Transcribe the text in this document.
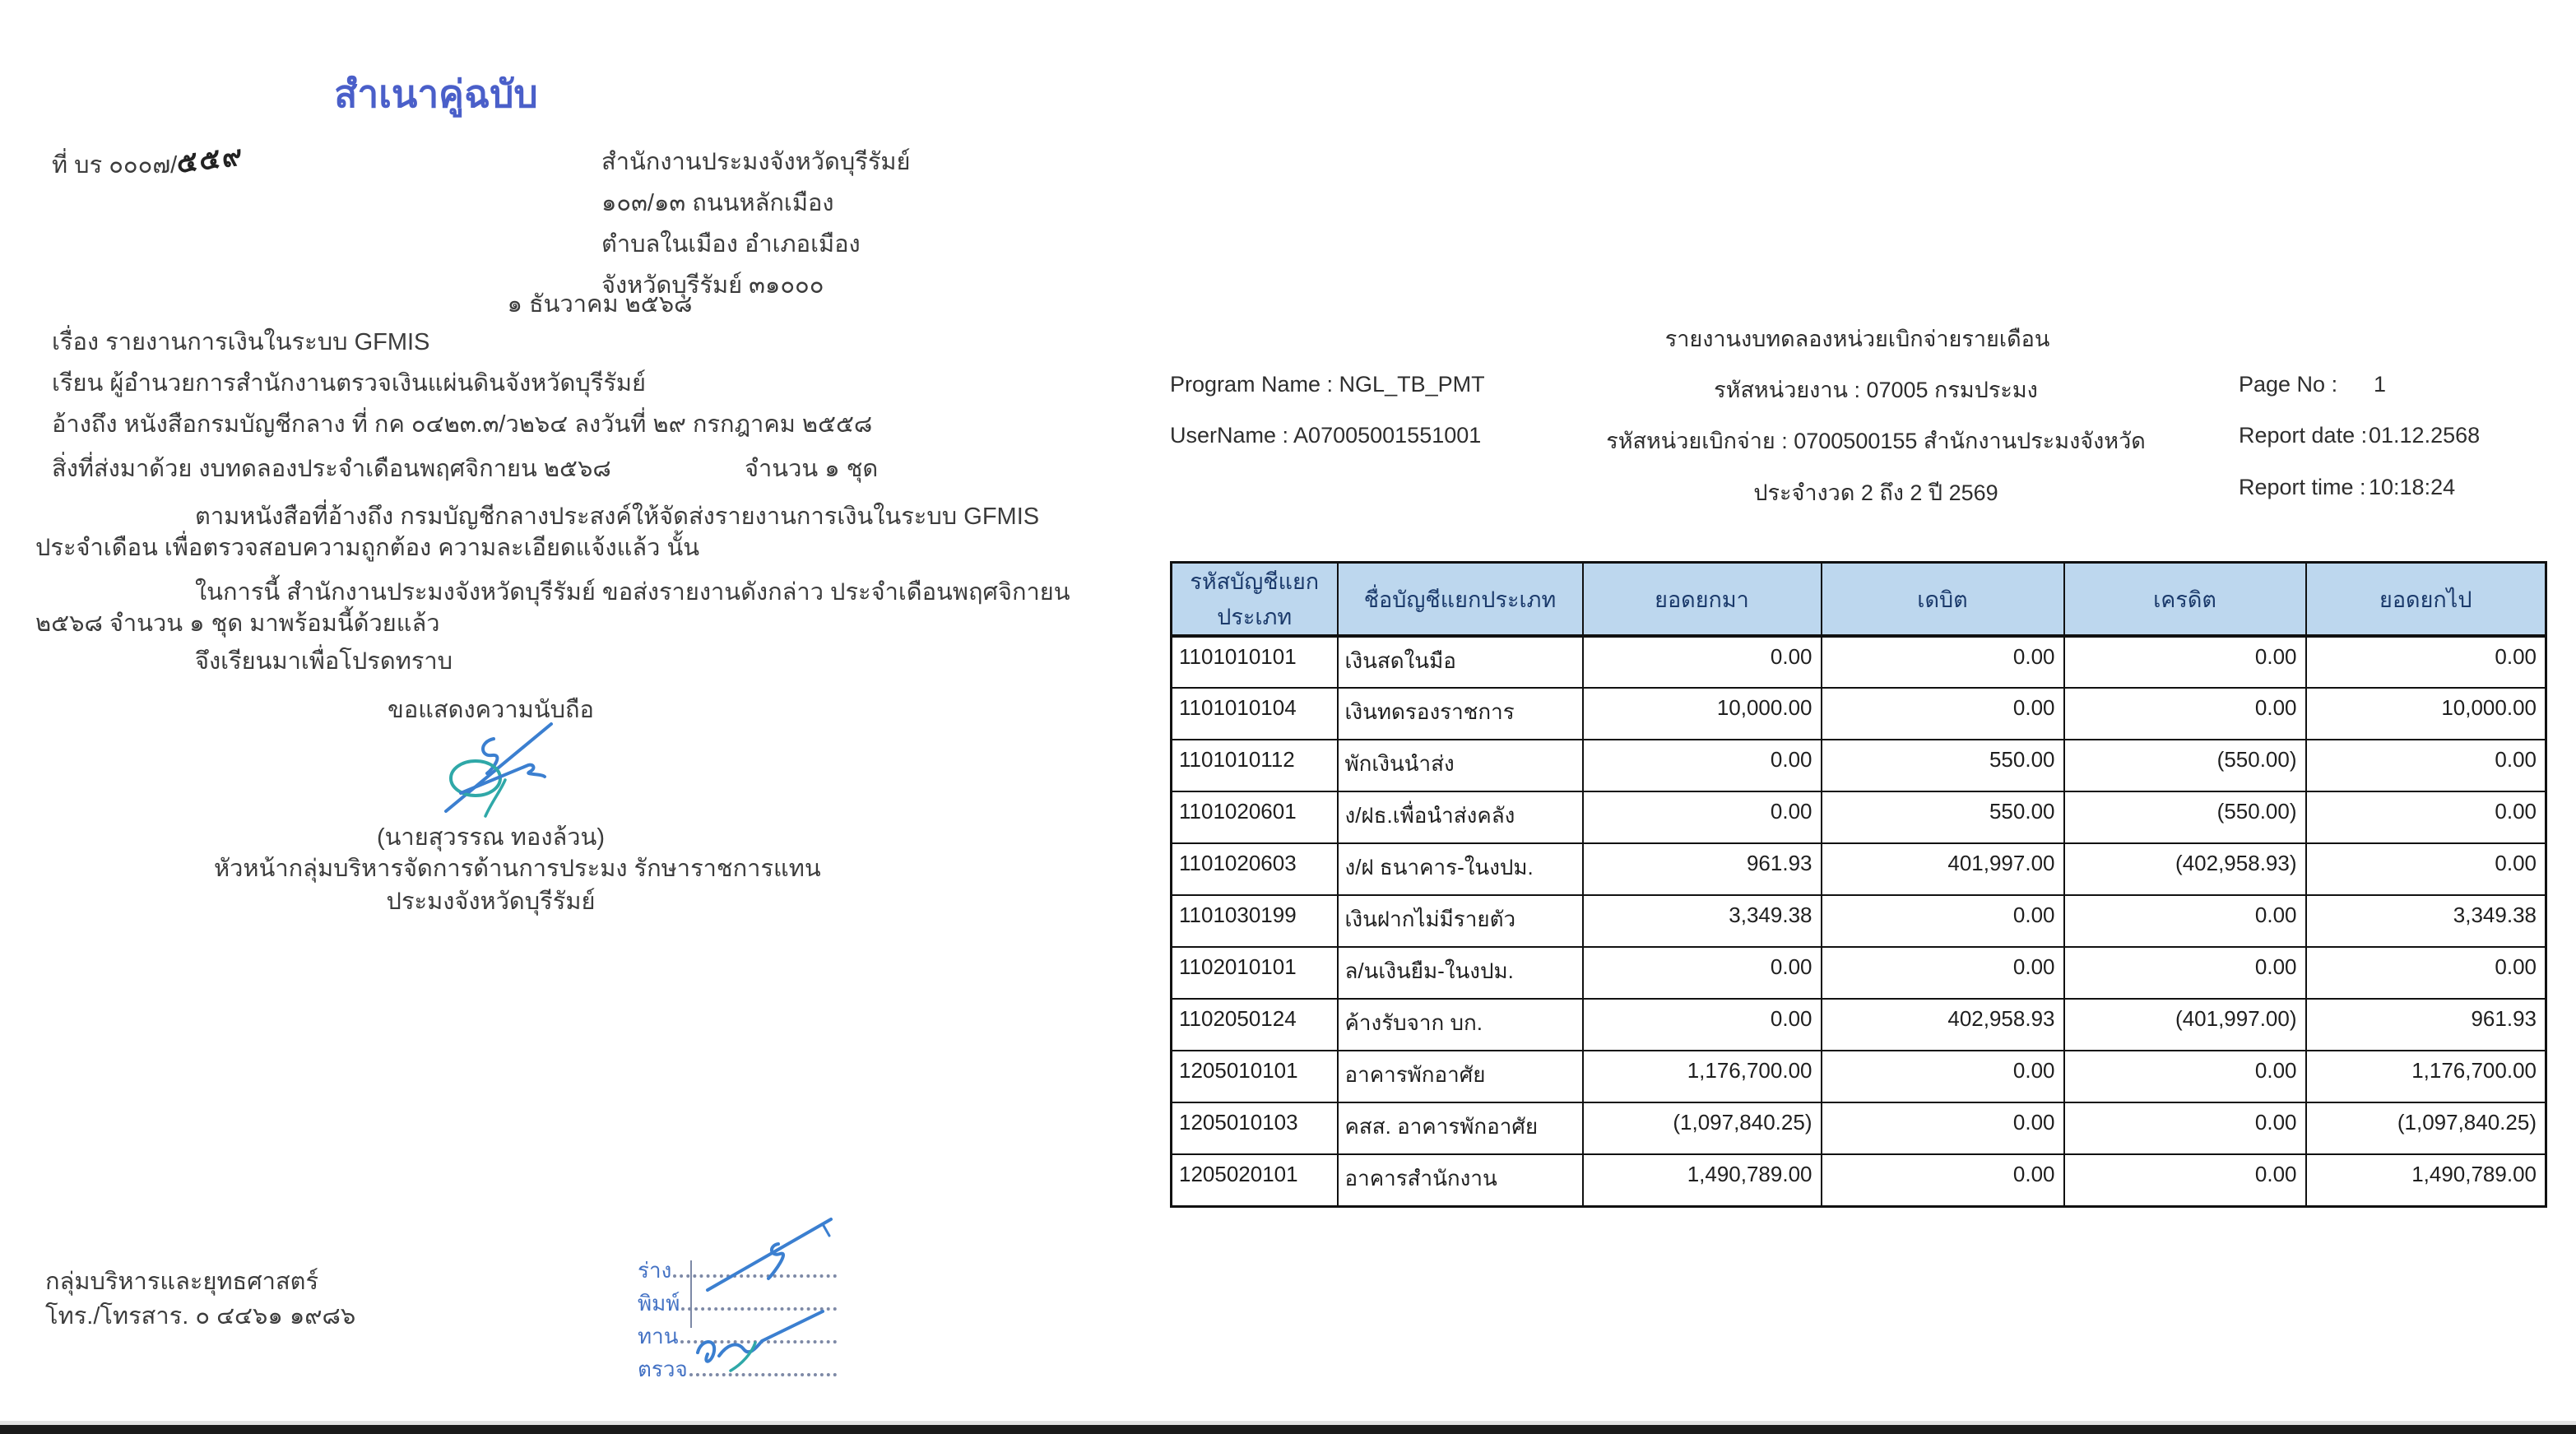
สำเนาคู่ฉบับ
ที่ บร ๐๐๐๗/๕๕๙	สำนักงานประมงจังหวัดบุรีรัมย์
๑๐๓/๑๓ ถนนหลักเมือง
ตำบลในเมือง อำเภอเมือง
จังหวัดบุรีรัมย์ ๓๑๐๐๐
๑ ธันวาคม ๒๕๖๘
เรื่อง รายงานการเงินในระบบ GFMIS
เรียน ผู้อำนวยการสำนักงานตรวจเงินแผ่นดินจังหวัดบุรีรัมย์
อ้างถึง หนังสือกรมบัญชีกลาง ที่ กค ๐๔๒๓.๓/ว๒๖๔ ลงวันที่ ๒๙ กรกฎาคม ๒๕๕๘
สิ่งที่ส่งมาด้วย งบทดลองประจำเดือนพฤศจิกายน ๒๕๖๘	จำนวน ๑ ชุด
ตามหนังสือที่อ้างถึง กรมบัญชีกลางประสงค์ให้จัดส่งรายงานการเงินในระบบ GFMIS
ประจำเดือน เพื่อตรวจสอบความถูกต้อง ความละเอียดแจ้งแล้ว นั้น
ในการนี้ สำนักงานประมงจังหวัดบุรีรัมย์ ขอส่งรายงานดังกล่าว ประจำเดือนพฤศจิกายน
๒๕๖๘ จำนวน ๑ ชุด มาพร้อมนี้ด้วยแล้ว
จึงเรียนมาเพื่อโปรดทราบ
ขอแสดงความนับถือ
(นายสุวรรณ ทองล้วน)
หัวหน้ากลุ่มบริหารจัดการด้านการประมง รักษาราชการแทน
ประมงจังหวัดบุรีรัมย์
กลุ่มบริหารและยุทธศาสตร์
โทร./โทรสาร. ๐ ๔๔๖๑ ๑๙๘๖
ร่าง
พิมพ์
ทาน
ตรวจ
รายงานงบทดลองหน่วยเบิกจ่ายรายเดือน
Program Name : NGL_TB_PMT	รหัสหน่วยงาน : 07005 กรมประมง	Page No : 1
UserName : A07005001551001	รหัสหน่วยเบิกจ่าย : 0700500155 สำนักงานประมงจังหวัด	Report date : 01.12.2568
ประจำงวด 2 ถึง 2 ปี 2569	Report time : 10:18:24
รหัสบัญชีแยกประเภท	ชื่อบัญชีแยกประเภท	ยอดยกมา	เดบิต	เครดิต	ยอดยกไป
1101010101	เงินสดในมือ	0.00	0.00	0.00	0.00
1101010104	เงินทดรองราชการ	10,000.00	0.00	0.00	10,000.00
1101010112	พักเงินนำส่ง	0.00	550.00	(550.00)	0.00
1101020601	ง/ฝธ.เพื่อนำส่งคลัง	0.00	550.00	(550.00)	0.00
1101020603	ง/ฝ ธนาคาร-ในงปม.	961.93	401,997.00	(402,958.93)	0.00
1101030199	เงินฝากไม่มีรายตัว	3,349.38	0.00	0.00	3,349.38
1102010101	ล/นเงินยืม-ในงปม.	0.00	0.00	0.00	0.00
1102050124	ค้างรับจาก บก.	0.00	402,958.93	(401,997.00)	961.93
1205010101	อาคารพักอาศัย	1,176,700.00	0.00	0.00	1,176,700.00
1205010103	คสส. อาคารพักอาศัย	(1,097,840.25)	0.00	0.00	(1,097,840.25)
1205020101	อาคารสำนักงาน	1,490,789.00	0.00	0.00	1,490,789.00
